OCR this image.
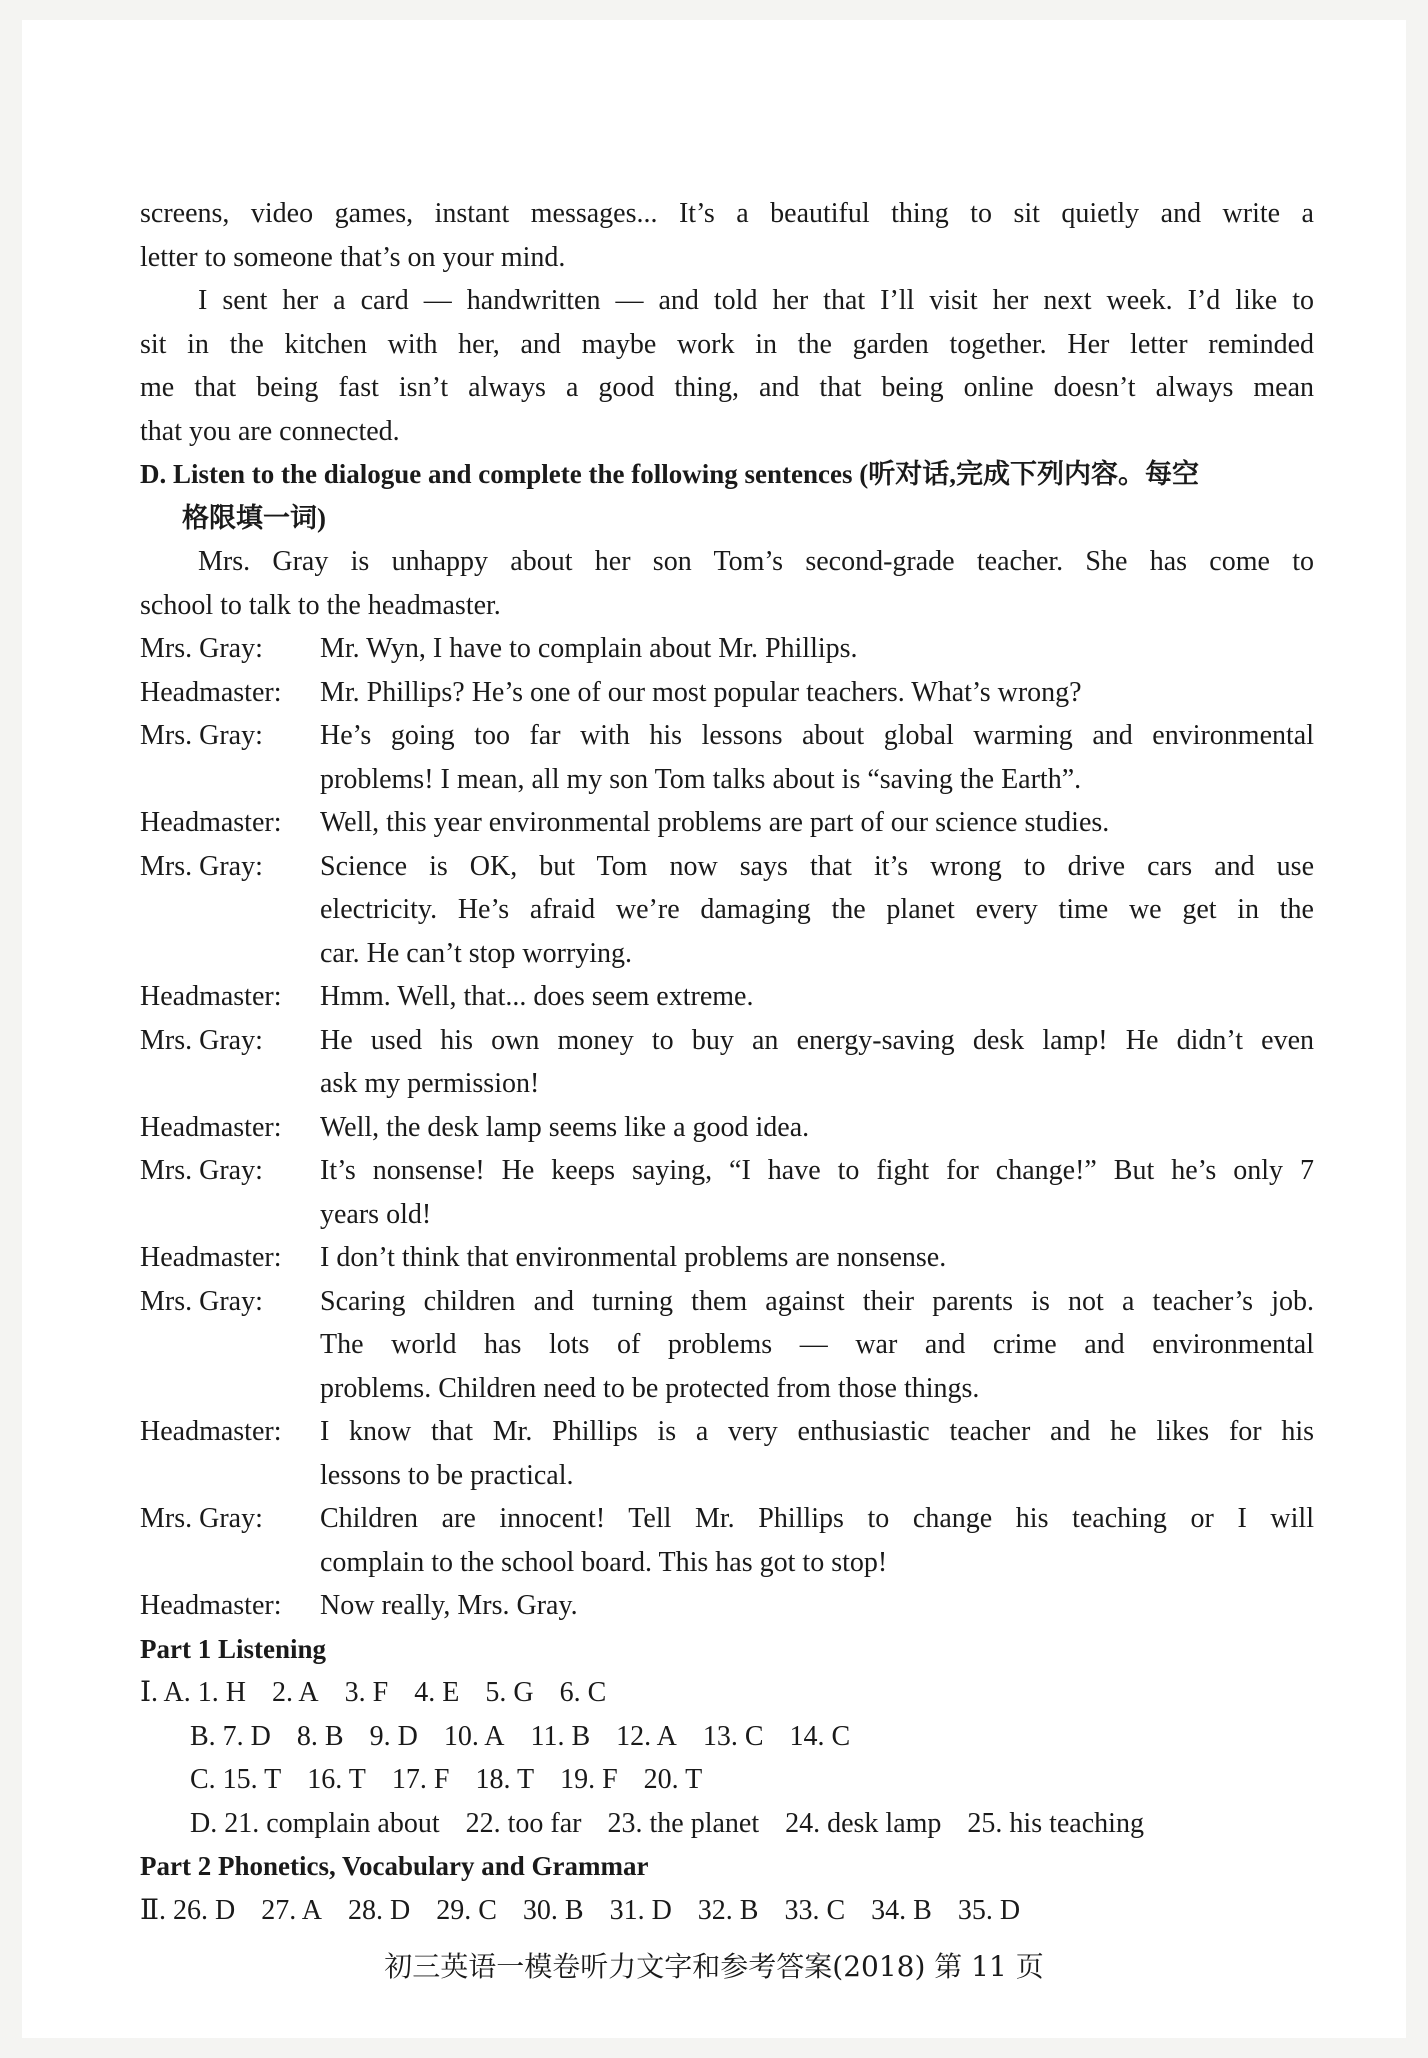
screens, video games, instant messages... It’s a beautiful thing to sit quietly and write a

letter to someone that’s on your mind.

I sent her a card — handwritten — and told her that I’ll visit her next week. I’d like to

sit in the kitchen with her, and maybe work in the garden together. Her letter reminded

me that being fast isn’t always a good thing, and that being online doesn’t always mean

that you are connected.

D. Listen to the dialogue and complete the following sentences (听对话,完成下列内容。每空

格限填一词)

Mrs. Gray is unhappy about her son Tom’s second-grade teacher. She has come to

school to talk to the headmaster.

Mrs. Gray:	Mr. Wyn, I have to complain about Mr. Phillips.
Headmaster:	Mr. Phillips? He’s one of our most popular teachers. What’s wrong?
Mrs. Gray:	He’s going too far with his lessons about global warming and environmental
problems! I mean, all my son Tom talks about is “saving the Earth”.
Headmaster:	Well, this year environmental problems are part of our science studies.
Mrs. Gray:	Science is OK, but Tom now says that it’s wrong to drive cars and use
electricity. He’s afraid we’re damaging the planet every time we get in the
car. He can’t stop worrying.
Headmaster:	Hmm. Well, that... does seem extreme.
Mrs. Gray:	He used his own money to buy an energy-saving desk lamp! He didn’t even
ask my permission!
Headmaster:	Well, the desk lamp seems like a good idea.
Mrs. Gray:	It’s nonsense! He keeps saying, “I have to fight for change!” But he’s only 7
years old!
Headmaster:	I don’t think that environmental problems are nonsense.
Mrs. Gray:	Scaring children and turning them against their parents is not a teacher’s job.
The world has lots of problems — war and crime and environmental
problems. Children need to be protected from those things.
Headmaster:	I know that Mr. Phillips is a very enthusiastic teacher and he likes for his
lessons to be practical.
Mrs. Gray:	Children are innocent! Tell Mr. Phillips to change his teaching or I will
complain to the school board. This has got to stop!
Headmaster:	Now really, Mrs. Gray.

Part 1 Listening

Ⅰ. A. 1. H 2. A 3. F 4. E 5. G 6. C
B. 7. D 8. B 9. D 10. A 11. B 12. A 13. C 14. C
C. 15. T 16. T 17. F 18. T 19. F 20. T
D. 21. complain about 22. too far 23. the planet 24. desk lamp 25. his teaching

Part 2 Phonetics, Vocabulary and Grammar

Ⅱ. 26. D 27. A 28. D 29. C 30. B 31. D 32. B 33. C 34. B 35. D
初三英语一模卷听力文字和参考答案(2018) 第 11 页
